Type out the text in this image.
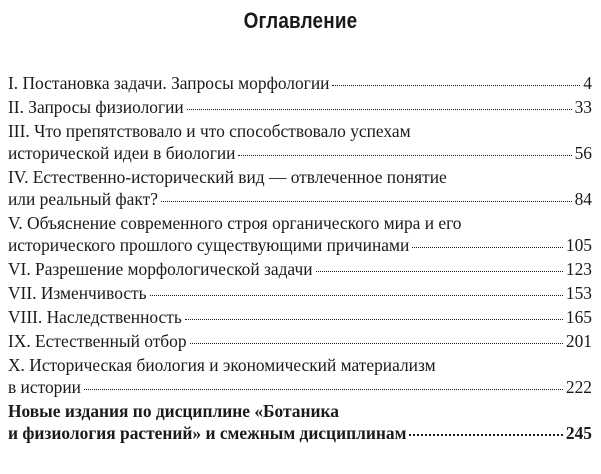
Оглавление
I. Постановка задачи. Запросы морфологии	4
II. Запросы физиологии	33
III. Что препятствовало и что способствовало успехам
исторической идеи в биологии	56
IV. Естественно-исторический вид — отвлеченное понятие
или реальный факт?	84
V. Объяснение современного строя органического мира и его
исторического прошлого существующими причинами	105
VI. Разрешение морфологической задачи	123
VII. Изменчивость	153
VIII. Наследственность	165
IX. Естественный отбор	201
X. Историческая биология и экономический материализм
в истории	222
Новые издания по дисциплине «Ботаника
и физиология растений» и смежным дисциплинам	245
